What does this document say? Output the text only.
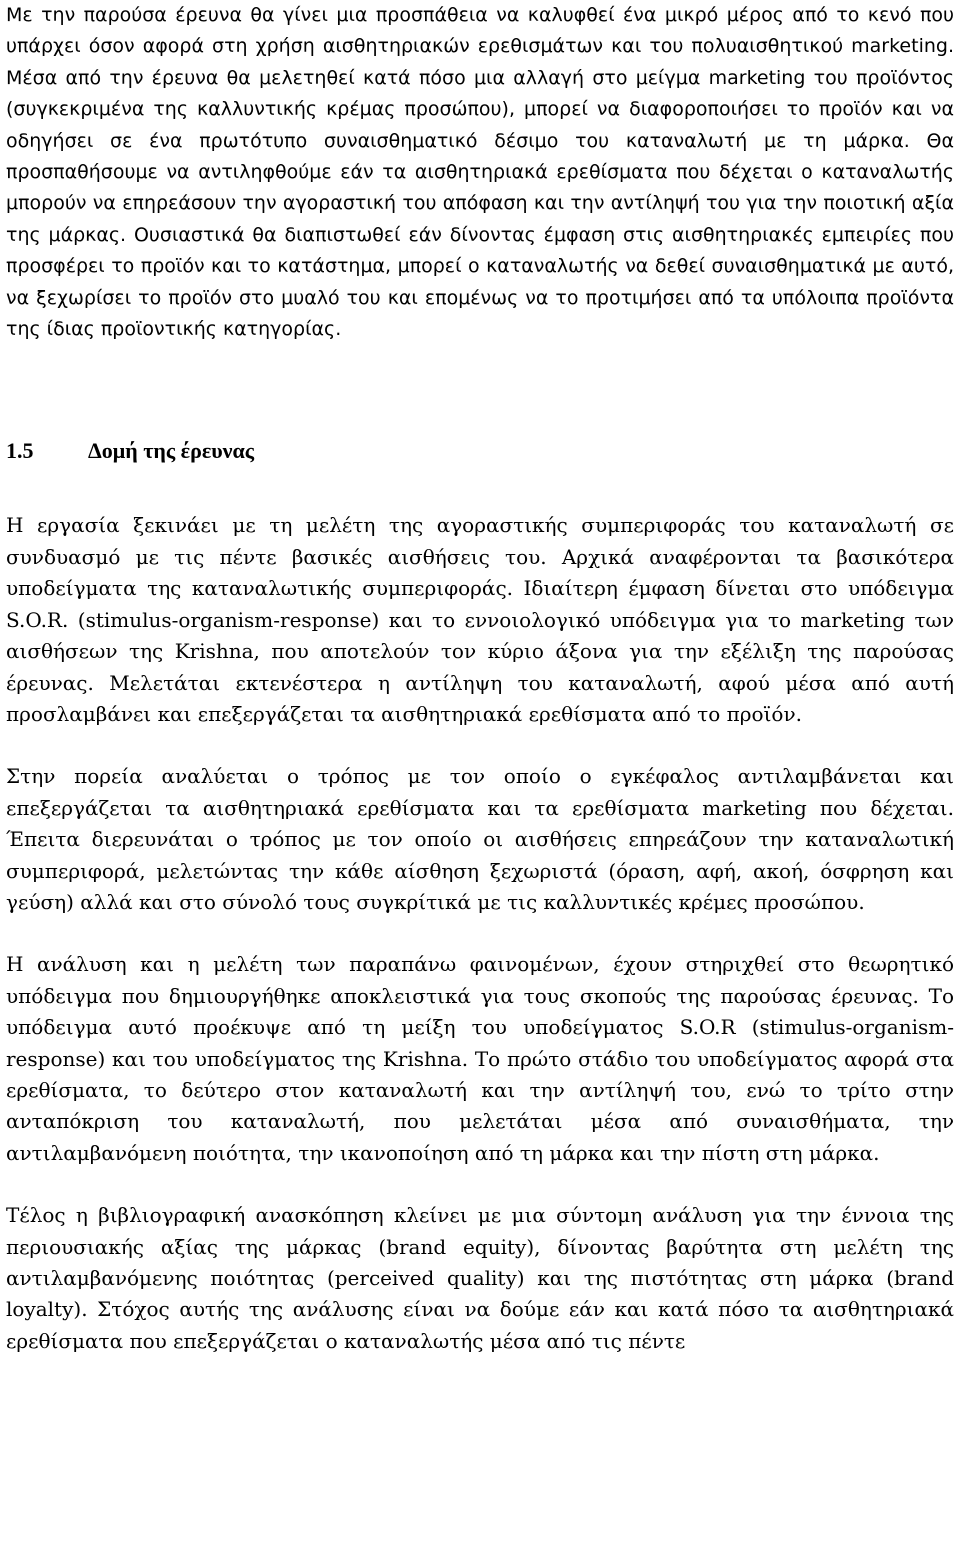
Με την παρούσα έρευνα θα γίνει μια προσπάθεια να καλυφθεί ένα μικρό μέρος από το κενό που υπάρχει όσον αφορά στη χρήση αισθητηριακών ερεθισμάτων και του πολυαισθητικού marketing. Μέσα από την έρευνα θα μελετηθεί κατά πόσο μια αλλαγή στο μείγμα marketing του προϊόντος (συγκεκριμένα της καλλυντικής κρέμας προσώπου), μπορεί να διαφοροποιήσει το προϊόν και να οδηγήσει σε ένα πρωτότυπο συναισθηματικό δέσιμο του καταναλωτή με τη μάρκα. Θα προσπαθήσουμε να αντιληφθούμε εάν τα αισθητηριακά ερεθίσματα που δέχεται ο καταναλωτής μπορούν να επηρεάσουν την αγοραστική του απόφαση και την αντίληψή του για την ποιοτική αξία της μάρκας. Ουσιαστικά θα διαπιστωθεί εάν δίνοντας έμφαση στις αισθητηριακές εμπειρίες που προσφέρει το προϊόν και το κατάστημα, μπορεί ο καταναλωτής να δεθεί συναισθηματικά με αυτό, να ξεχωρίσει το προϊόν στο μυαλό του και επομένως να το προτιμήσει από τα υπόλοιπα προϊόντα της ίδιας προϊοντικής κατηγορίας.

1.5	Δομή της έρευνας

Η εργασία ξεκινάει με τη μελέτη της αγοραστικής συμπεριφοράς του καταναλωτή σε συνδυασμό με τις πέντε βασικές αισθήσεις του. Αρχικά αναφέρονται τα βασικότερα υποδείγματα της καταναλωτικής συμπεριφοράς. Ιδιαίτερη έμφαση δίνεται στο υπόδειγμα S.O.R. (stimulus-organism-response) και το εννοιολογικό υπόδειγμα για το marketing των αισθήσεων της Krishna, που αποτελούν τον κύριο άξονα για την εξέλιξη της παρούσας έρευνας. Μελετάται εκτενέστερα η αντίληψη του καταναλωτή, αφού μέσα από αυτή προσλαμβάνει και επεξεργάζεται τα αισθητηριακά ερεθίσματα από το προϊόν.

Στην πορεία αναλύεται ο τρόπος με τον οποίο ο εγκέφαλος αντιλαμβάνεται και επεξεργάζεται τα αισθητηριακά ερεθίσματα και τα ερεθίσματα marketing που δέχεται. Έπειτα διερευνάται ο τρόπος με τον οποίο οι αισθήσεις επηρεάζουν την καταναλωτική συμπεριφορά, μελετώντας την κάθε αίσθηση ξεχωριστά (όραση, αφή, ακοή, όσφρηση και γεύση) αλλά και στο σύνολό τους συγκρίτικά με τις καλλυντικές κρέμες προσώπου.

Η ανάλυση και η μελέτη των παραπάνω φαινομένων, έχουν στηριχθεί στο θεωρητικό υπόδειγμα που δημιουργήθηκε αποκλειστικά για τους σκοπούς της παρούσας έρευνας. Το υπόδειγμα αυτό προέκυψε από τη μείξη του υποδείγματος S.O.R (stimulus-organism-response) και του υποδείγματος της Krishna. Το πρώτο στάδιο του υποδείγματος αφορά στα ερεθίσματα, το δεύτερο στον καταναλωτή και την αντίληψή του, ενώ το τρίτο στην ανταπόκριση του καταναλωτή, που μελετάται μέσα από συναισθήματα, την αντιλαμβανόμενη ποιότητα, την ικανοποίηση από τη μάρκα και την πίστη στη μάρκα.

Τέλος η βιβλιογραφική ανασκόπηση κλείνει με μια σύντομη ανάλυση για την έννοια της περιουσιακής αξίας της μάρκας (brand equity), δίνοντας βαρύτητα στη μελέτη της αντιλαμβανόμενης ποιότητας (perceived quality) και της πιστότητας στη μάρκα (brand loyalty). Στόχος αυτής της ανάλυσης είναι να δούμε εάν και κατά πόσο τα αισθητηριακά ερεθίσματα που επεξεργάζεται ο καταναλωτής μέσα από τις πέντε
